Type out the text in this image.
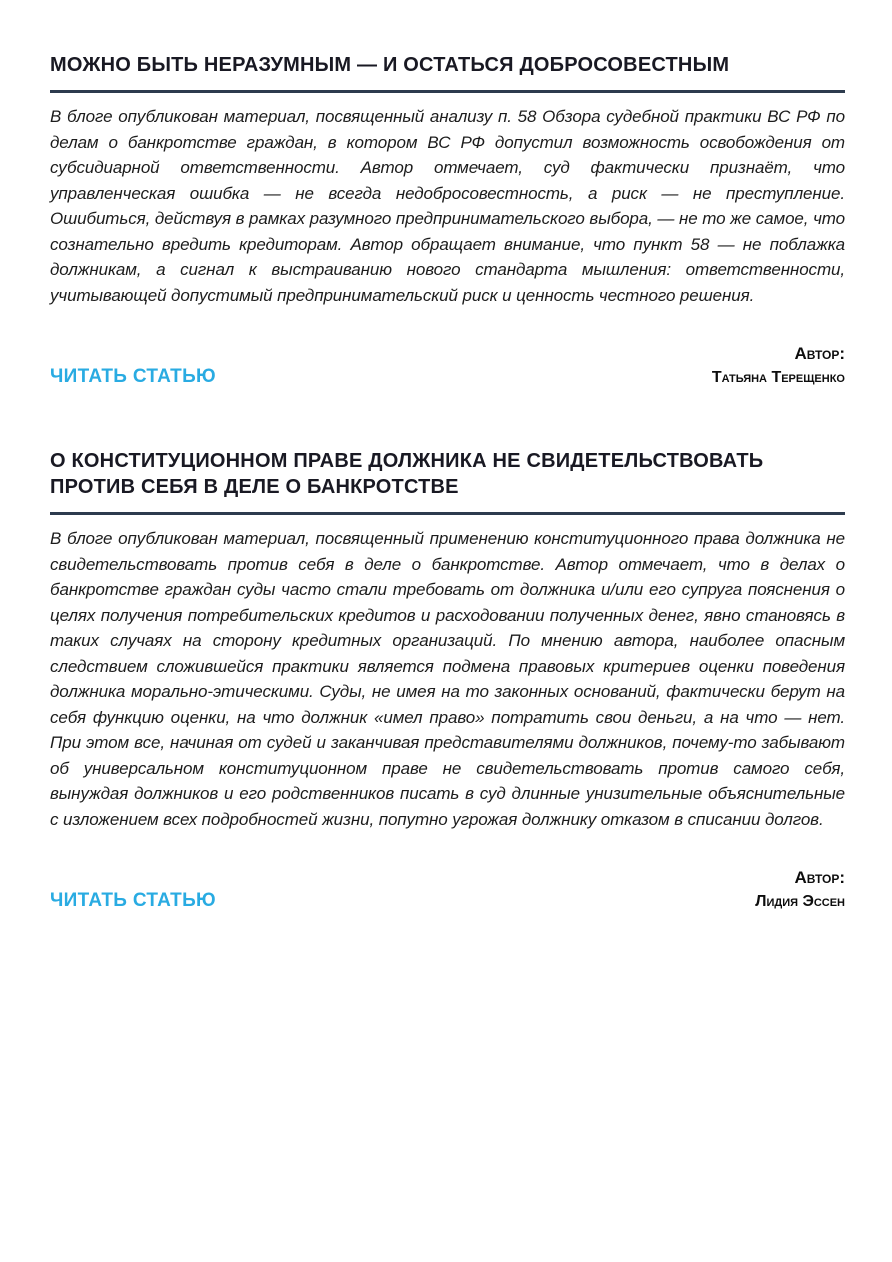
МОЖНО БЫТЬ НЕРАЗУМНЫМ — И ОСТАТЬСЯ ДОБРОСОВЕСТНЫМ

В блоге опубликован материал, посвященный анализу п. 58 Обзора судебной практики ВС РФ по делам о банкротстве граждан, в котором ВС РФ допустил возможность освобождения от субсидиарной ответственности. Автор отмечает, суд фактически признаёт, что управленческая ошибка — не всегда недобросовестность, а риск — не преступление. Ошибиться, действуя в рамках разумного предпринимательского выбора, — не то же самое, что сознательно вредить кредиторам. Автор обращает внимание, что пункт 58 — не поблажка должникам, а сигнал к выстраиванию нового стандарта мышления: ответственности, учитывающей допустимый предпринимательский риск и ценность честного решения.

ЧИТАТЬ СТАТЬЮ
Автор:
Татьяна Терещенко
О КОНСТИТУЦИОННОМ ПРАВЕ ДОЛЖНИКА НЕ СВИДЕТЕЛЬСТВОВАТЬ ПРОТИВ СЕБЯ В ДЕЛЕ О БАНКРОТСТВЕ

В блоге опубликован материал, посвященный применению конституционного права должника не свидетельствовать против себя в деле о банкротстве. Автор отмечает, что в делах о банкротстве граждан суды часто стали требовать от должника и/или его супруга пояснения о целях получения потребительских кредитов и расходовании полученных денег, явно становясь в таких случаях на сторону кредитных организаций. По мнению автора, наиболее опасным следствием сложившейся практики является подмена правовых критериев оценки поведения должника морально-этическими. Суды, не имея на то законных оснований, фактически берут на себя функцию оценки, на что должник «имел право» потратить свои деньги, а на что — нет. При этом все, начиная от судей и заканчивая представителями должников, почему-то забывают об универсальном конституционном праве не свидетельствовать против самого себя, вынуждая должников и его родственников писать в суд длинные унизительные объяснительные с изложением всех подробностей жизни, попутно угрожая должнику отказом в списании долгов.

ЧИТАТЬ СТАТЬЮ
Автор:
Лидия Эссен
